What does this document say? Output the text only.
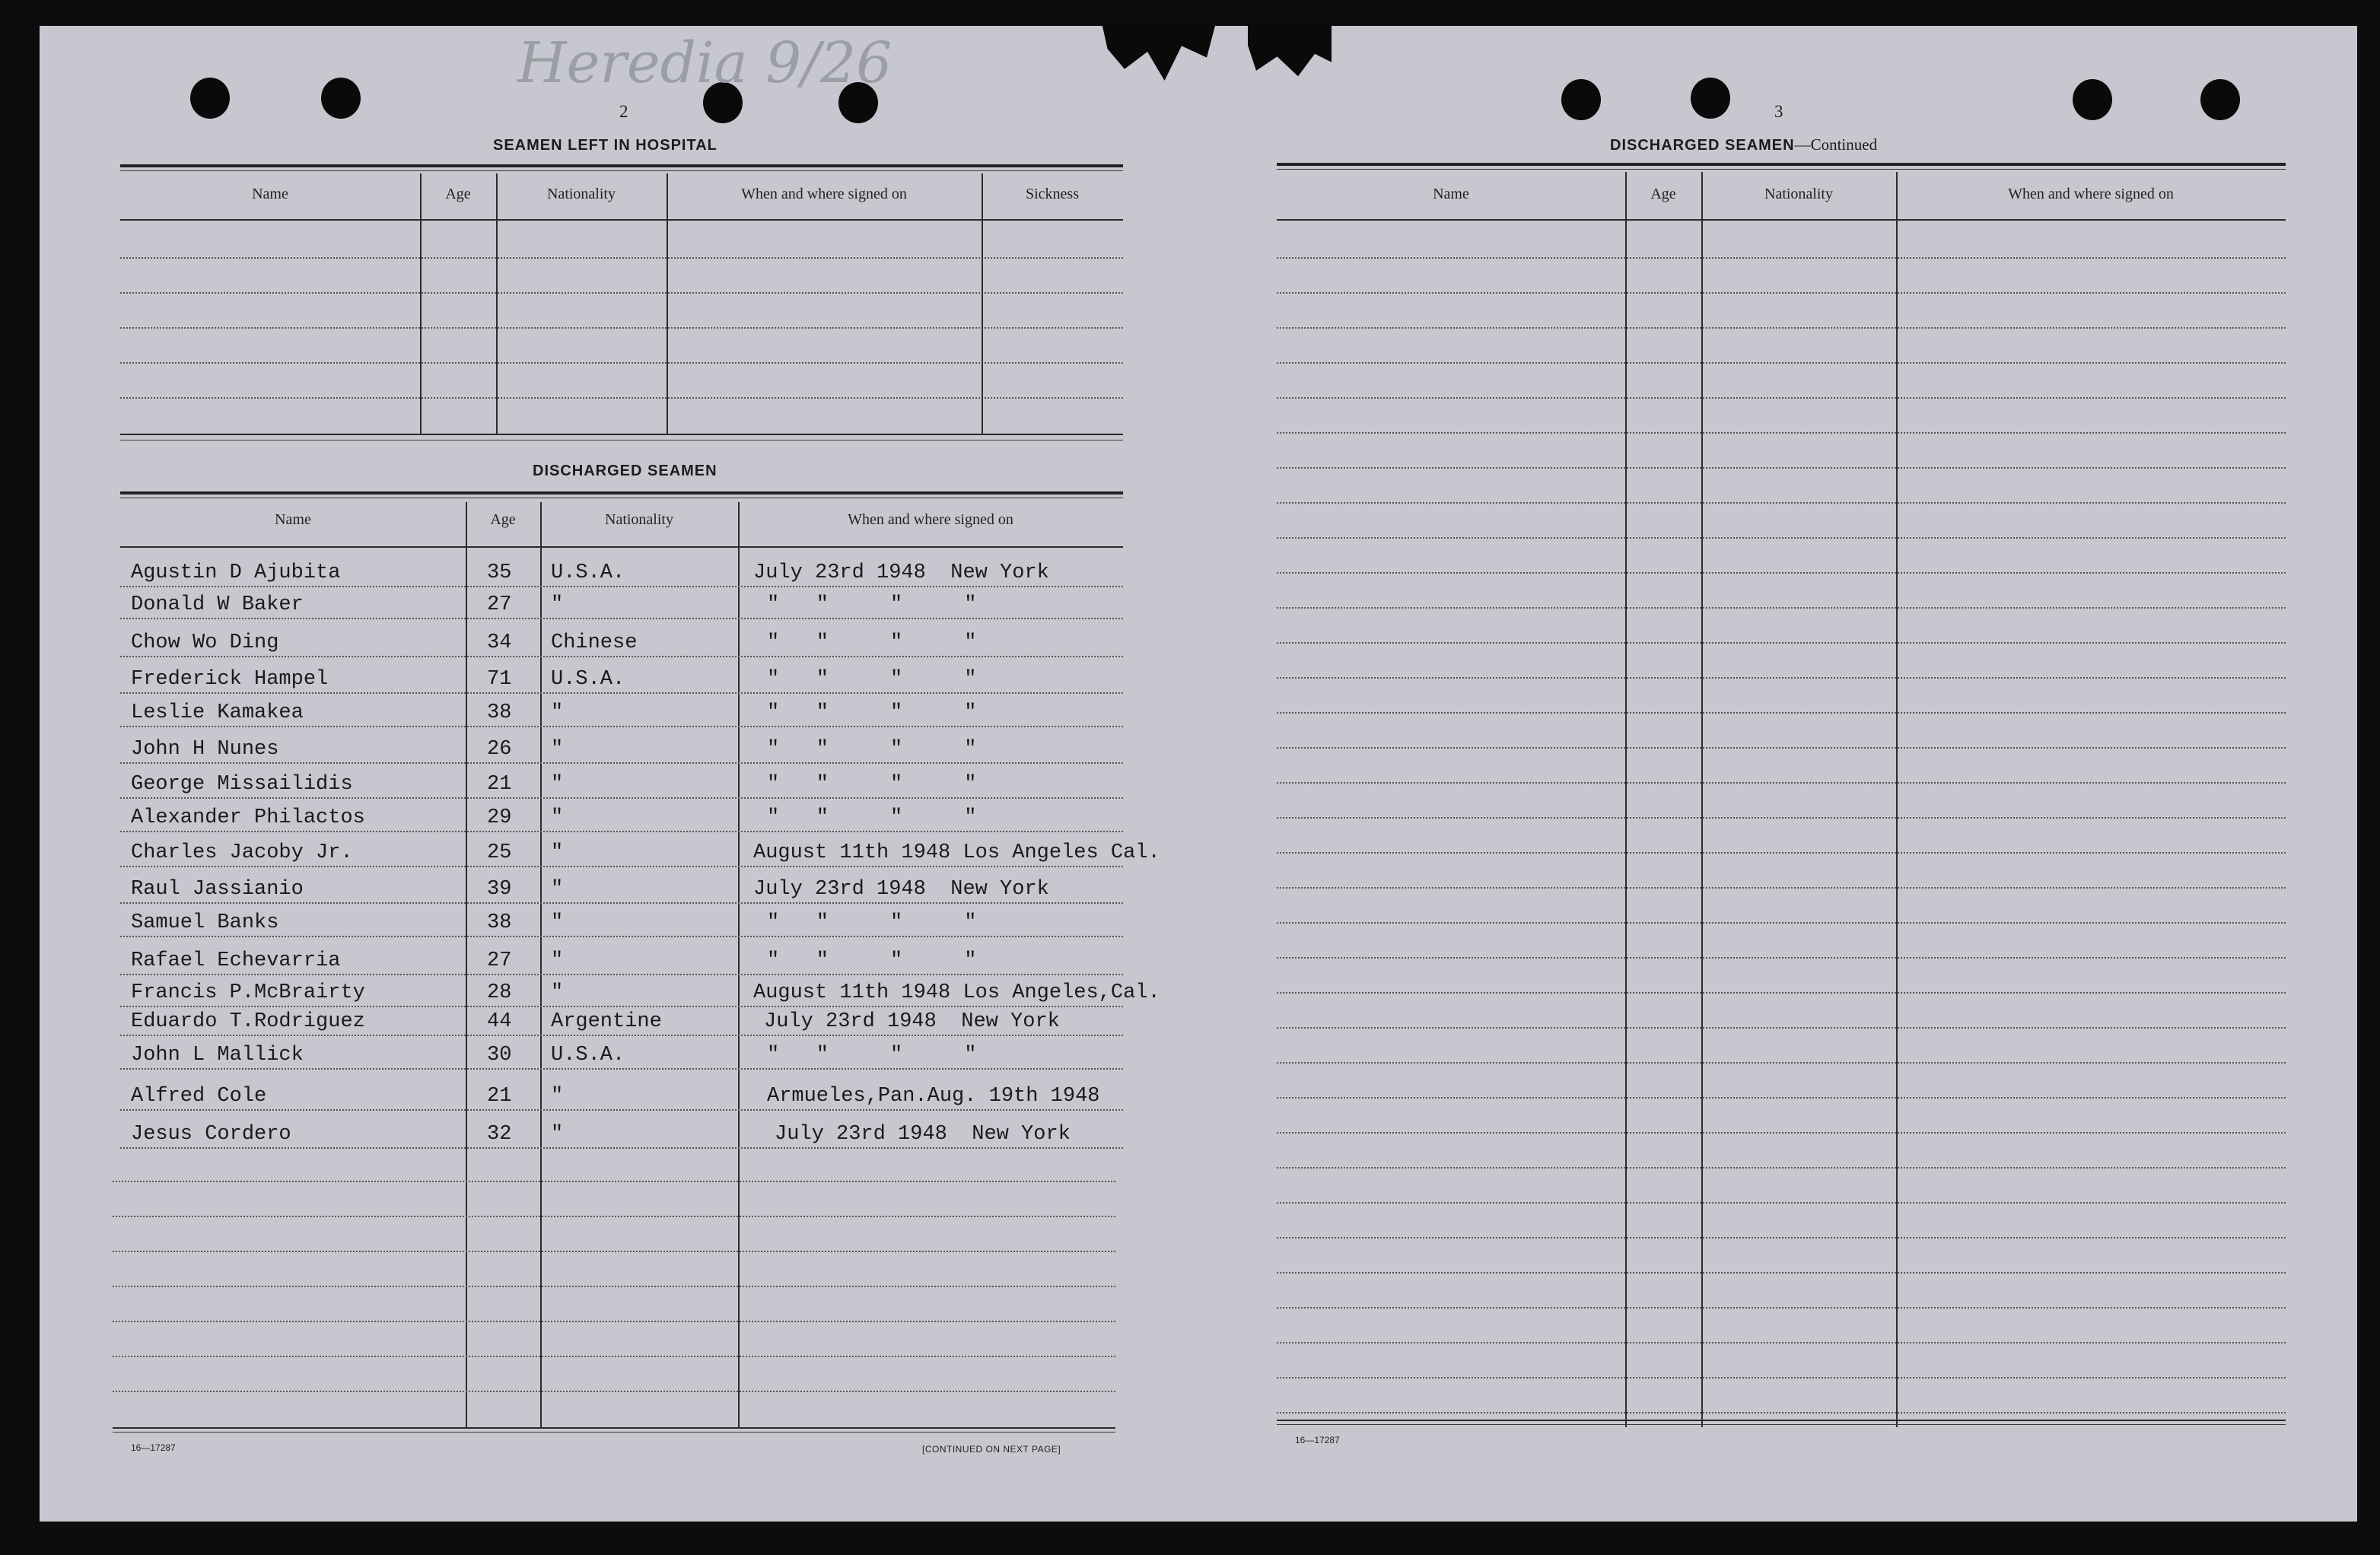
Heredia 9/26
2
SEAMEN LEFT IN HOSPITAL
Name	Age	Nationality	When and where signed on	Sickness
DISCHARGED SEAMEN
Name	Age	Nationality	When and where signed on
Agustin D Ajubita	35 U.S.A.	July 23rd 1948  New York
Donald W Baker	27 "	"   "     "     "
Chow Wo Ding	34 Chinese	"   "     "     "
Frederick Hampel	71 U.S.A.	"   "     "     "
Leslie Kamakea	38 "	"   "     "     "
John H Nunes	26 "	"   "     "     "
George Missailidis	21 "	"   "     "     "
Alexander Philactos	29 "	"   "     "     "
Charles Jacoby Jr.	25 "	August 11th 1948 Los Angeles Cal.
Raul Jassianio	39 "	July 23rd 1948  New York
Samuel Banks	38 "	"   "     "     "
Rafael Echevarria	27 "	"   "     "     "
Francis P.McBrairty	28 "	August 11th 1948 Los Angeles,Cal.
Eduardo T.Rodriguez	44 Argentine	July 23rd 1948  New York
John L Mallick	30 U.S.A.	"   "     "     "
Alfred Cole	21 "	Armueles,Pan.Aug. 19th 1948
Jesus Cordero	32 "	July 23rd 1948  New York
16—17287	[CONTINUED ON NEXT PAGE]
3
DISCHARGED SEAMEN—Continued
Name	Age	Nationality	When and where signed on
16—17287
